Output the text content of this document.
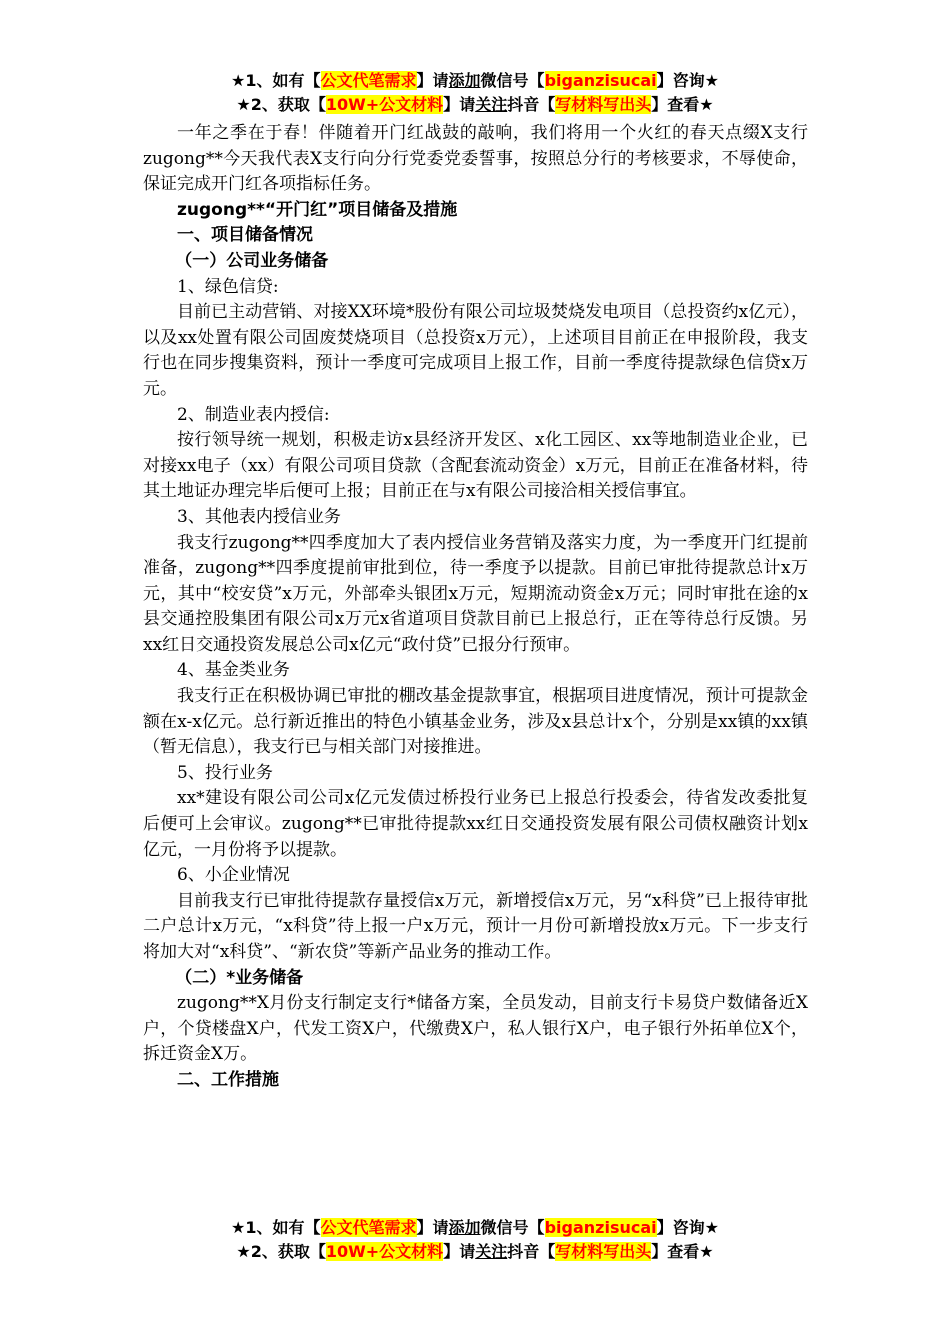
★1、如有【公文代笔需求】请添加微信号【biganzisucai】咨询★
★2、获取【10W+公文材料】请关注抖音【写材料写出头】查看★

一年之季在于春！伴随着开门红战鼓的敲响，我们将用一个火红的春天点缀X支行zugong**今天我代表X支行向分行党委党委誓事，按照总分行的考核要求，不辱使命，保证完成开门红各项指标任务。

zugong**“开门红”项目储备及措施

一、项目储备情况

（一）公司业务储备

1、绿色信贷:

目前已主动营销、对接XX环境*股份有限公司垃圾焚烧发电项目（总投资约x亿元），以及xx处置有限公司固废焚烧项目（总投资x万元），上述项目目前正在申报阶段，我支行也在同步搜集资料，预计一季度可完成项目上报工作，目前一季度待提款绿色信贷x万元。

2、制造业表内授信:

按行领导统一规划，积极走访x县经济开发区、x化工园区、xx等地制造业企业，已对接xx电子（xx）有限公司项目贷款（含配套流动资金）x万元，目前正在准备材料，待其土地证办理完毕后便可上报；目前正在与x有限公司接洽相关授信事宜。

3、其他表内授信业务

我支行zugong**四季度加大了表内授信业务营销及落实力度，为一季度开门红提前准备，zugong**四季度提前审批到位，待一季度予以提款。目前已审批待提款总计x万元，其中“校安贷”x万元，外部牵头银团x万元，短期流动资金x万元；同时审批在途的x县交通控股集团有限公司x万元x省道项目贷款目前已上报总行，正在等待总行反馈。另xx红日交通投资发展总公司x亿元“政付贷”已报分行预审。

4、基金类业务

我支行正在积极协调已审批的棚改基金提款事宜，根据项目进度情况，预计可提款金额在x-x亿元。总行新近推出的特色小镇基金业务，涉及x县总计x个，分别是xx镇的xx镇（暂无信息），我支行已与相关部门对接推进。

5、投行业务

xx*建设有限公司公司x亿元发债过桥投行业务已上报总行投委会，待省发改委批复后便可上会审议。zugong**已审批待提款xx红日交通投资发展有限公司债权融资计划x亿元，一月份将予以提款。

6、小企业情况

目前我支行已审批待提款存量授信x万元，新增授信x万元，另“x科贷”已上报待审批二户总计x万元，“x科贷”待上报一户x万元，预计一月份可新增投放x万元。下一步支行将加大对“x科贷”、“新农贷”等新产品业务的推动工作。

（二）*业务储备

zugong**X月份支行制定支行*储备方案，全员发动，目前支行卡易贷户数储备近X户，个贷楼盘X户，代发工资X户，代缴费X户，私人银行X户，电子银行外拓单位X个，拆迁资金X万。

二、工作措施

★1、如有【公文代笔需求】请添加微信号【biganzisucai】咨询★
★2、获取【10W+公文材料】请关注抖音【写材料写出头】查看★
